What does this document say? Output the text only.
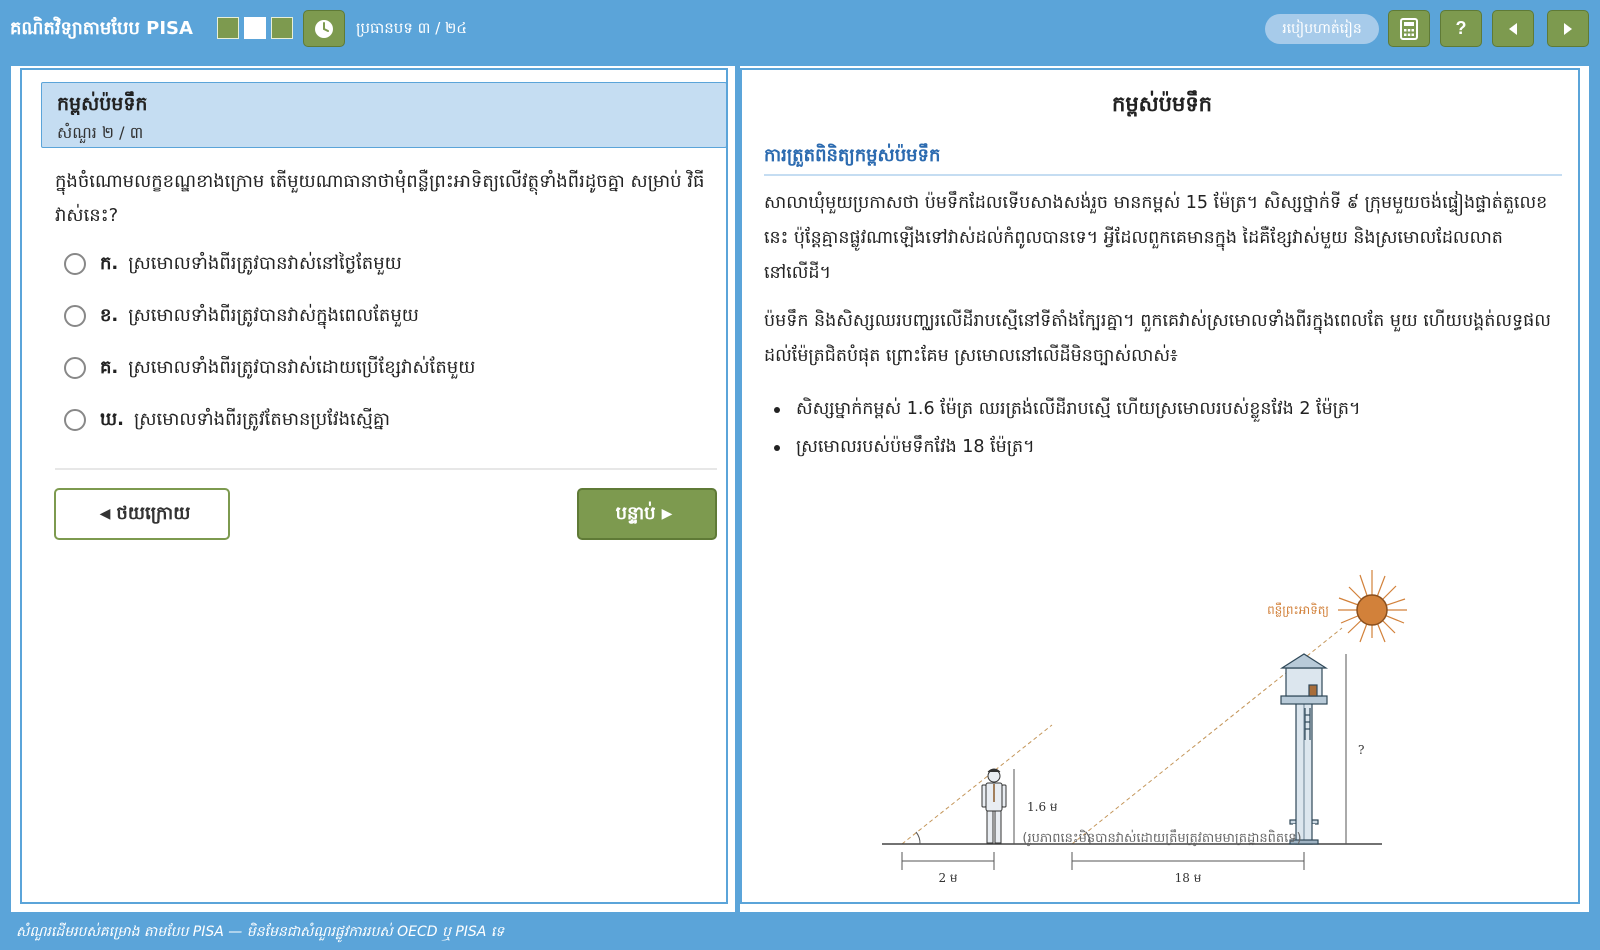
គណិតវិទ្យាតាមបែប PISA	ប្រធានបទ ៣ / ២៤	របៀបហាត់រៀន	?
កម្ពស់ប៉មទឹក
សំណួរ ២ / ៣
ក្នុងចំណោមលក្ខខណ្ឌខាងក្រោម តើមួយណាធានាថាមុំពន្លឺព្រះអាទិត្យលើវត្ថុទាំងពីរដូចគ្នា សម្រាប់ វិធីវាស់នេះ?
ក. ស្រមោលទាំងពីរត្រូវបានវាស់នៅថ្ងៃតែមួយ
ខ. ស្រមោលទាំងពីរត្រូវបានវាស់ក្នុងពេលតែមួយ
គ. ស្រមោលទាំងពីរត្រូវបានវាស់ដោយប្រើខ្សែវាស់តែមួយ
ឃ. ស្រមោលទាំងពីរត្រូវតែមានប្រវែងស្មើគ្នា
◀ ថយក្រោយ	បន្ទាប់ ▶
កម្ពស់ប៉មទឹក
ការត្រួតពិនិត្យកម្ពស់ប៉មទឹក
សាលាឃុំមួយប្រកាសថា ប៉មទឹកដែលទើបសាងសង់រួច មានកម្ពស់ 15 ម៉ែត្រ។ សិស្សថ្នាក់ទី ៩ ក្រុមមួយចង់ផ្ទៀងផ្ទាត់តួលេខនេះ ប៉ុន្តែគ្មានផ្លូវណាឡើងទៅវាស់ដល់កំពូលបានទេ។ អ្វីដែលពួកគេមានក្នុង ដៃគឺខ្សែវាស់មួយ និងស្រមោលដែលលាតនៅលើដី។
ប៉មទឹក និងសិស្សឈរបញ្ឈរលើដីរាបស្មើនៅទីតាំងក្បែរគ្នា។ ពួកគេវាស់ស្រមោលទាំងពីរក្នុងពេលតែ មួយ ហើយបង្គត់លទ្ធផលដល់ម៉ែត្រជិតបំផុត ព្រោះគែម ស្រមោលនៅលើដីមិនច្បាស់លាស់៖
សិស្សម្នាក់កម្ពស់ 1.6 ម៉ែត្រ ឈរត្រង់លើដីរាបស្មើ ហើយស្រមោលរបស់ខ្លួនវែង 2 ម៉ែត្រ។
ស្រមោលរបស់ប៉មទឹកវែង 18 ម៉ែត្រ។
ពន្លឺព្រះអាទិត្យ
1.6 ម
?
2 ម	18 ម
(រូបភាពនេះមិនបានវាស់ដោយត្រឹមត្រូវតាមមាត្រដ្ឋានពិតទេ)
សំណួរដើមរបស់គម្រោង តាមបែប PISA — មិនមែនជាសំណួរផ្លូវការរបស់ OECD ឬ PISA ទេ
